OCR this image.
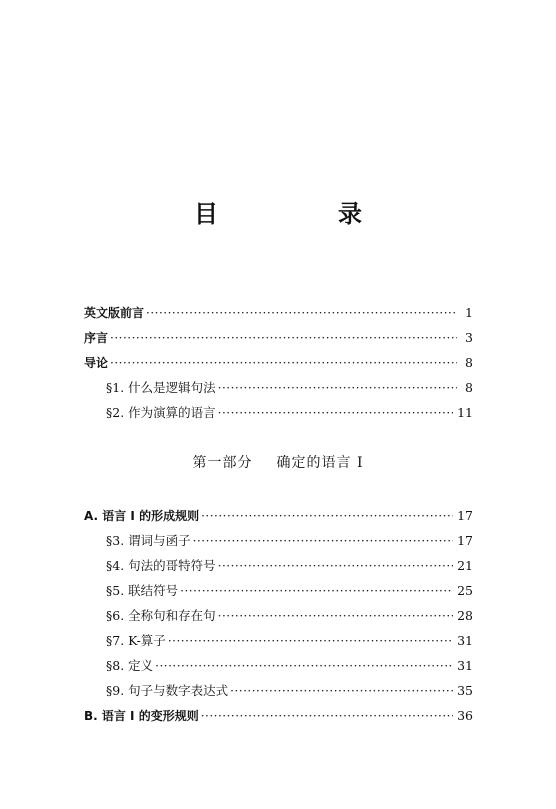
目　录
英文版前言 ·····	1
序言 ·····	3
导论 ·····	8
§1. 什么是逻辑句法 ·····	8
§2. 作为演算的语言 ·····	11
第一部分 确定的语言 I
A. 语言 I 的形成规则 ·····	17
§3. 谓词与函子 ·····	17
§4. 句法的哥特符号 ·····	21
§5. 联结符号 ·····	25
§6. 全称句和存在句 ·····	28
§7. K-算子 ·····	31
§8. 定义 ·····	31
§9. 句子与数字表达式 ·····	35
B. 语言 I 的变形规则 ·····	36
